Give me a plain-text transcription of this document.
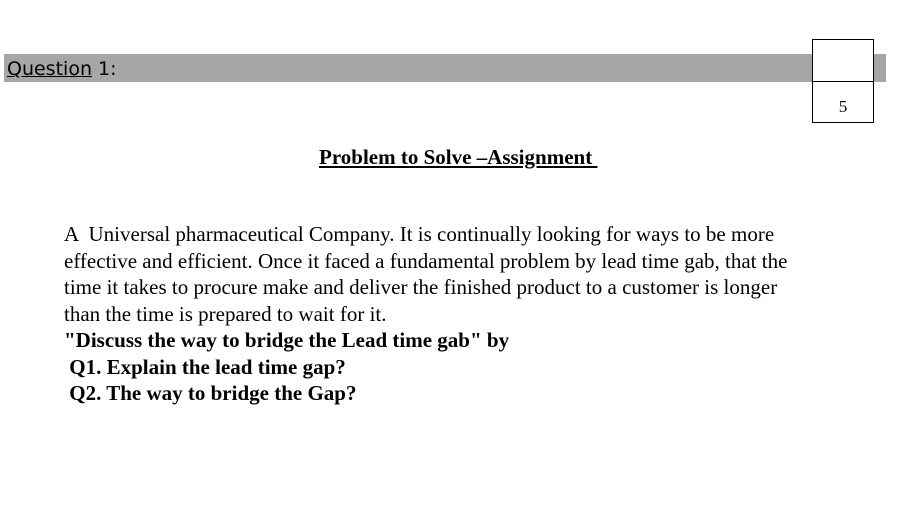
Question 1:
5
Problem to Solve –Assignment
A  Universal pharmaceutical Company. It is continually looking for ways to be more
effective and efficient. Once it faced a fundamental problem by lead time gab, that the
time it takes to procure make and deliver the finished product to a customer is longer
than the time is prepared to wait for it.
"Discuss the way to bridge the Lead time gab" by
Q1. Explain the lead time gap?
Q2. The way to bridge the Gap?
